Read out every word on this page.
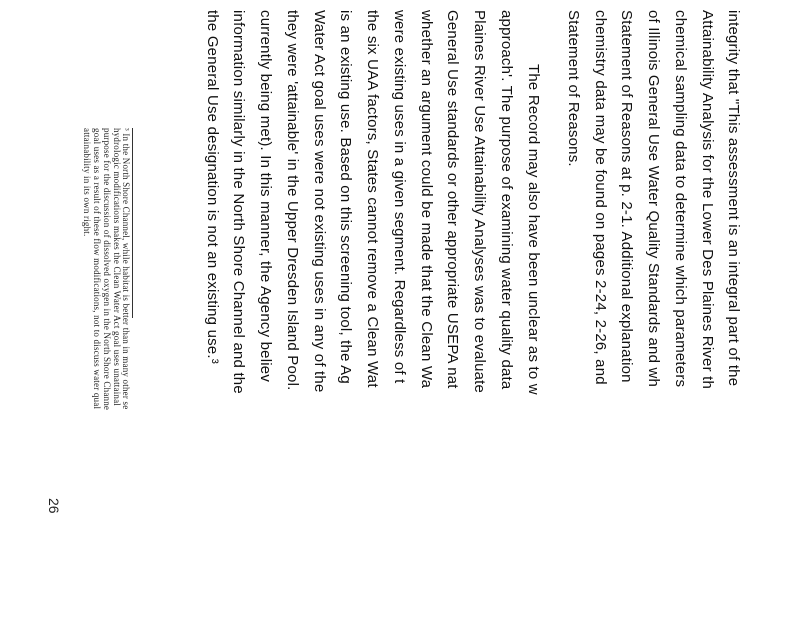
integrity that "This assessment is an integral part of the
Attainability Analysis for the Lower Des Plaines River th
chemical sampling data to determine which parameters
of Illinois General Use Water Quality Standards and wh
Statement of Reasons at p. 2-1. Additional explanation
chemistry data may be found on pages 2-24, 2-26, and
Statement of Reasons.
The Record may also have been unclear as to w
approach'. The purpose of examining water quality data
Plaines River Use Attainability Analyses was to evaluate
General Use standards or other appropriate USEPA nat
whether an argument could be made that the Clean Wa
were existing uses in a given segment. Regardless of t
the six UAA factors, States cannot remove a Clean Wat
is an existing use. Based on this screening tool, the Ag
Water Act goal uses were not existing uses in any of the
they were 'attainable' in the Upper Dresden Island Pool.
currently being met). In this manner, the Agency believ
information similarly in the North Shore Channel and the
the General Use designation is not an existing use.³
³ In the North Shore Channel, while habitat is better than in many other se
hydrologic modifications makes the Clean Water Act goal uses unattainal
purpose for the discussion of dissolved oxygen in the North Shore Channe
goal uses as a result of these flow modifications, not to discuss water qual
attainability in its own right.
26
